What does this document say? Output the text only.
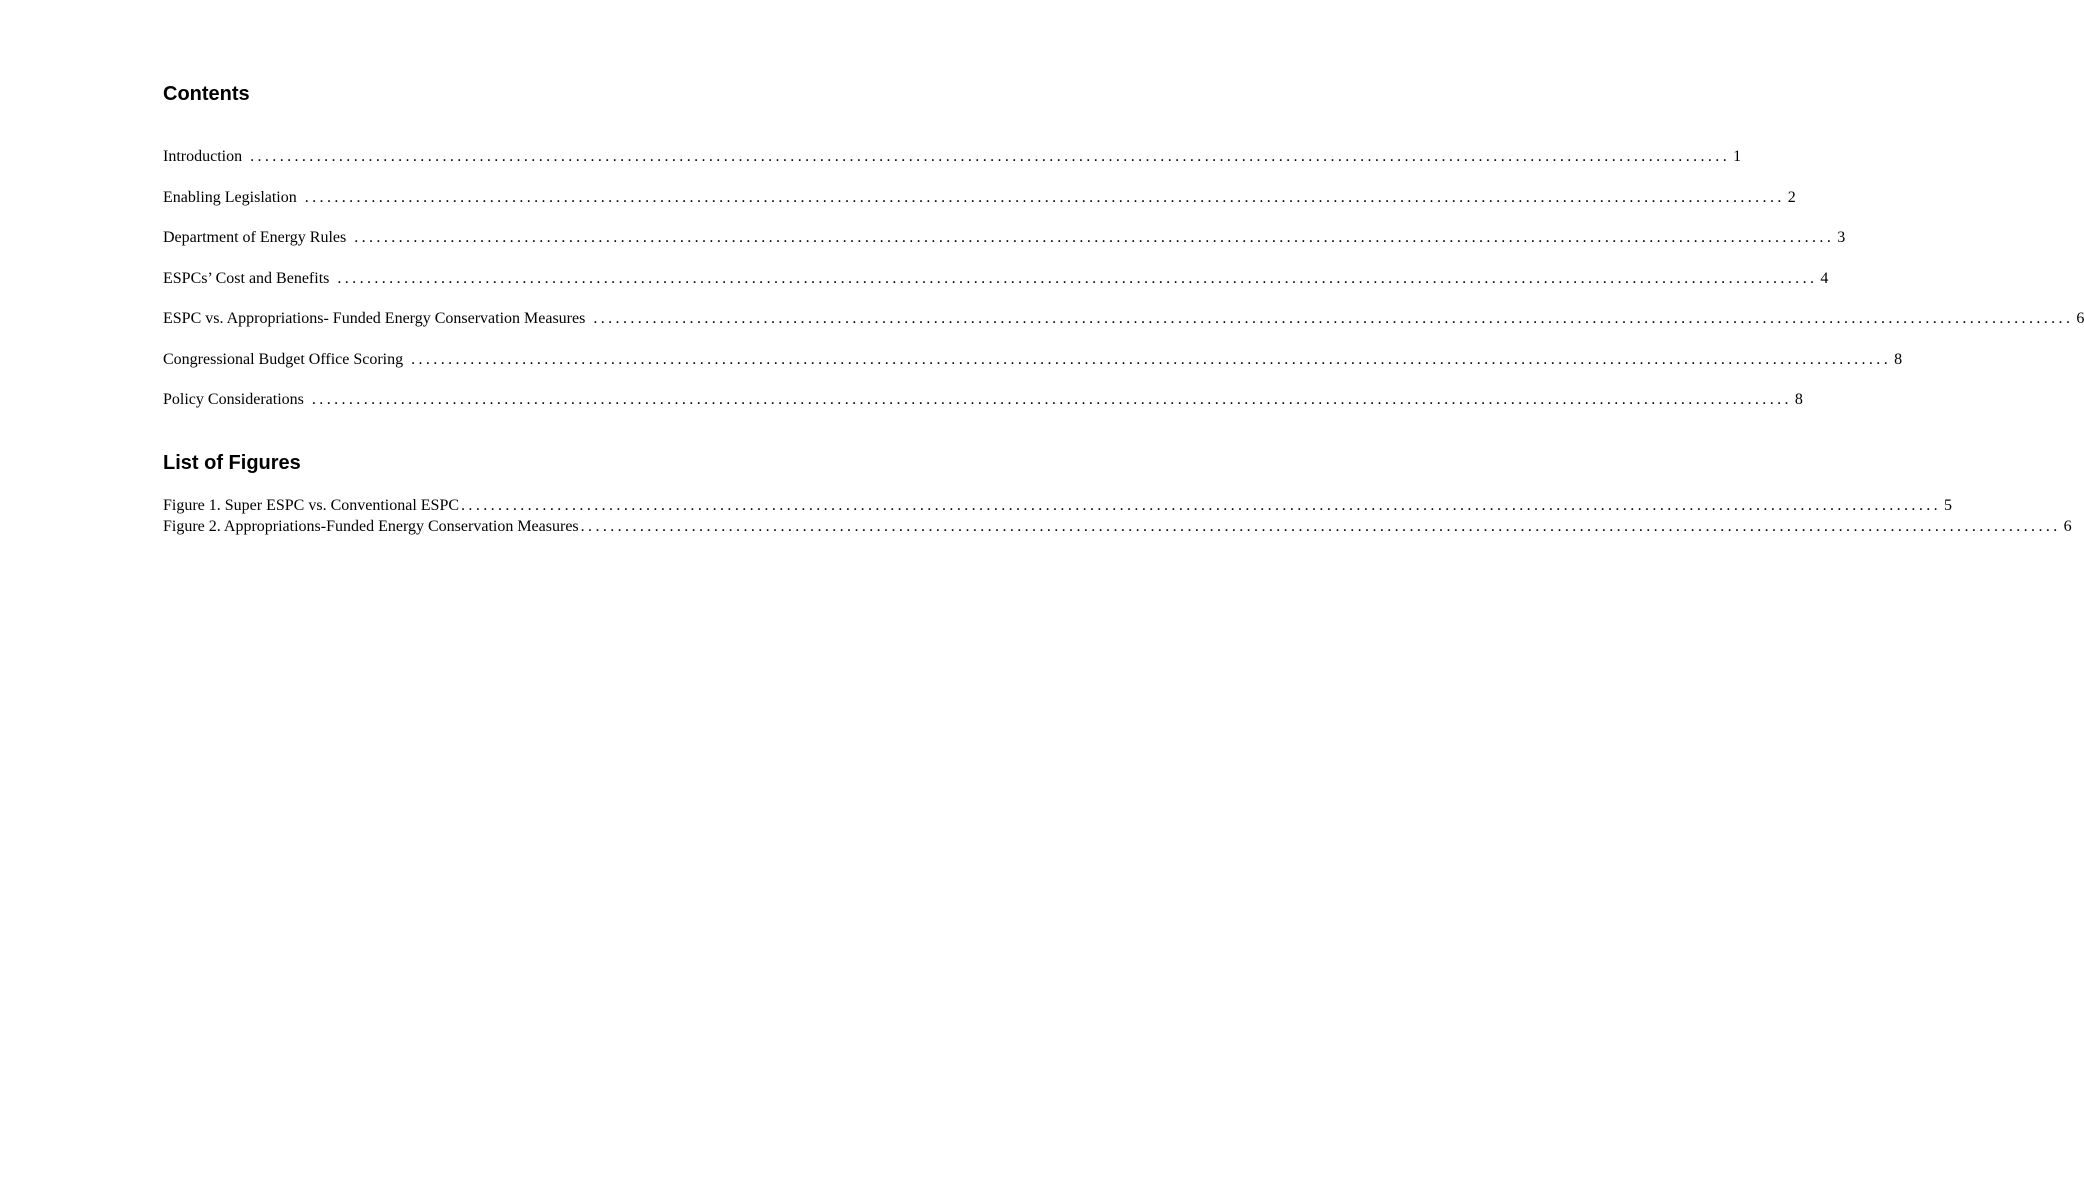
Contents
Introduction ........................................................................................................................................................................................................ 1
Enabling Legislation ........................................................................................................................................................................................................ 2
Department of Energy Rules ........................................................................................................................................................................................................ 3
ESPCs’ Cost and Benefits ........................................................................................................................................................................................................ 4
ESPC vs. Appropriations- Funded Energy Conservation Measures ........................................................................................................................................................................................................ 6
Congressional Budget Office Scoring ........................................................................................................................................................................................................ 8
Policy Considerations ........................................................................................................................................................................................................ 8
List of Figures
Figure 1. Super ESPC vs. Conventional ESPC ........................................................................................................................................................................................................ 5
Figure 2. Appropriations-Funded Energy Conservation Measures ........................................................................................................................................................................................................ 6
